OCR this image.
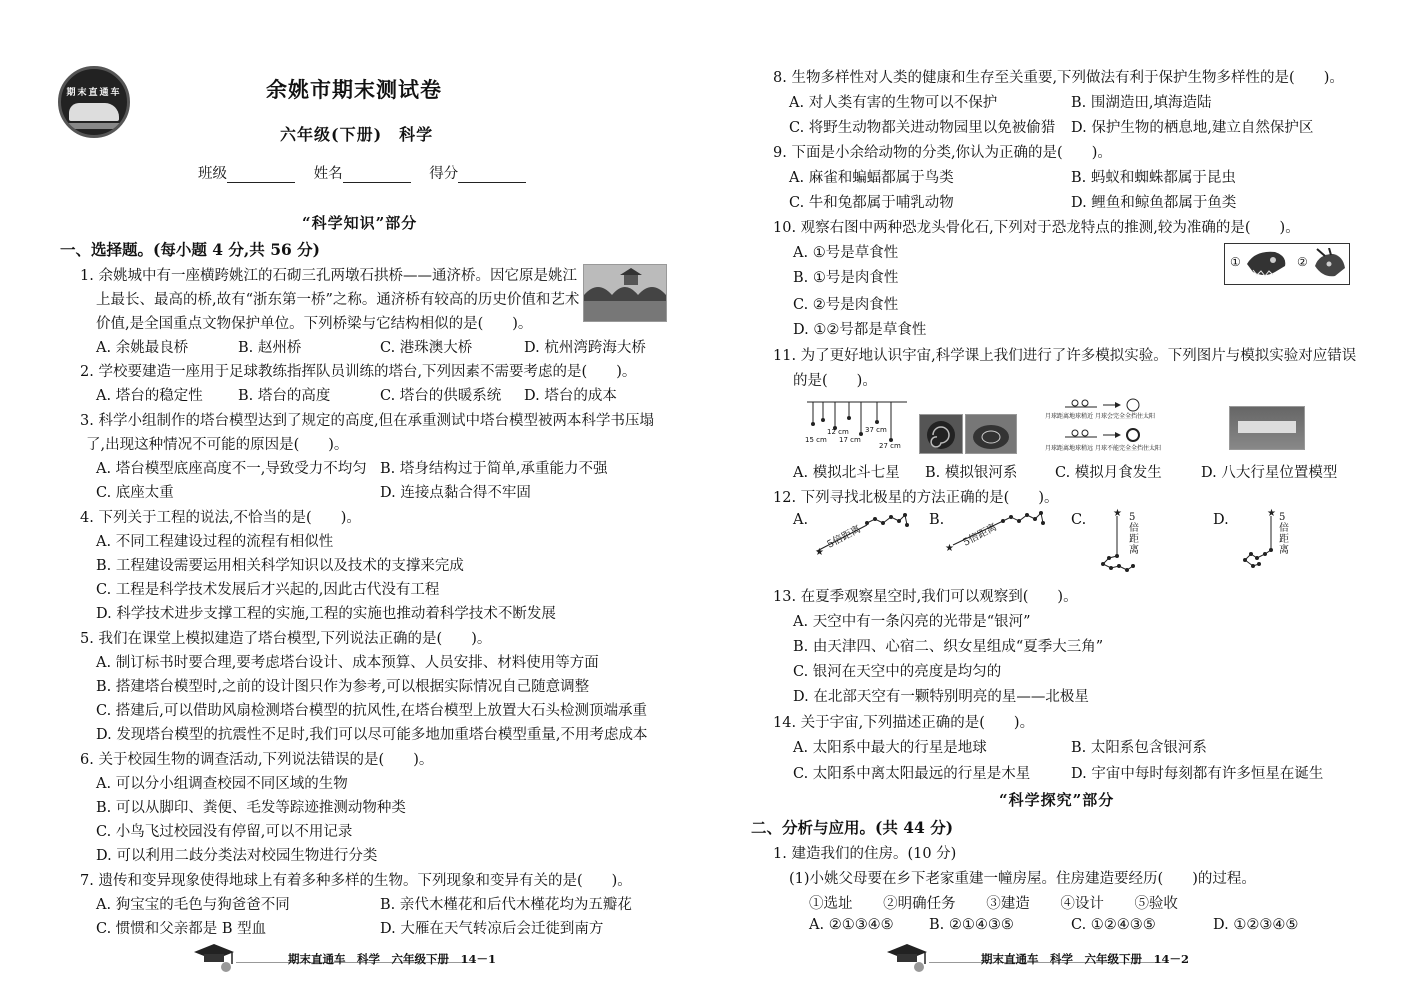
期末直通车	余姚市期末测试卷
六年级(下册)　科学
班级	姓名	得分
“科学知识”部分
一、选择题。(每小题 4 分,共 56 分)
1. 余姚城中有一座横跨姚江的石砌三孔两墩石拱桥——通济桥。因它原是姚江
上最长、最高的桥,故有“浙东第一桥”之称。通济桥有较高的历史价值和艺术
价值,是全国重点文物保护单位。下列桥梁与它结构相似的是(　　)。
A. 余姚最良桥	B. 赵州桥	C. 港珠澳大桥	D. 杭州湾跨海大桥
2. 学校要建造一座用于足球教练指挥队员训练的塔台,下列因素不需要考虑的是(　　)。
A. 塔台的稳定性 B. 塔台的高度	C. 塔台的供暖系统 D. 塔台的成本
3. 科学小组制作的塔台模型达到了规定的高度,但在承重测试中塔台模型被两本科学书压塌
了,出现这种情况不可能的原因是(　　)。
A. 塔台模型底座高度不一,导致受力不均匀 B. 塔身结构过于简单,承重能力不强
C. 底座太重	D. 连接点黏合得不牢固
4. 下列关于工程的说法,不恰当的是(　　)。
A. 不同工程建设过程的流程有相似性
B. 工程建设需要运用相关科学知识以及技术的支撑来完成
C. 工程是科学技术发展后才兴起的,因此古代没有工程
D. 科学技术进步支撑工程的实施,工程的实施也推动着科学技术不断发展
5. 我们在课堂上模拟建造了塔台模型,下列说法正确的是(　　)。
A. 制订标书时要合理,要考虑塔台设计、成本预算、人员安排、材料使用等方面
B. 搭建塔台模型时,之前的设计图只作为参考,可以根据实际情况自己随意调整
C. 搭建后,可以借助风扇检测塔台模型的抗风性,在塔台模型上放置大石头检测顶端承重
D. 发现塔台模型的抗震性不足时,我们可以尽可能多地加重塔台模型重量,不用考虑成本
6. 关于校园生物的调查活动,下列说法错误的是(　　)。
A. 可以分小组调查校园不同区域的生物
B. 可以从脚印、粪便、毛发等踪迹推测动物种类
C. 小鸟飞过校园没有停留,可以不用记录
D. 可以利用二歧分类法对校园生物进行分类
7. 遗传和变异现象使得地球上有着多种多样的生物。下列现象和变异有关的是(　　)。
A. 狗宝宝的毛色与狗爸爸不同	B. 亲代木槿花和后代木槿花均为五瓣花
C. 惯惯和父亲都是 B 型血	D. 大雁在天气转凉后会迁徙到南方
期末直通车　科学　六年级下册　14－1
8. 生物多样性对人类的健康和生存至关重要,下列做法有利于保护生物多样性的是(　　)。
A. 对人类有害的生物可以不保护	B. 围湖造田,填海造陆
C. 将野生动物都关进动物园里以免被偷猎 D. 保护生物的栖息地,建立自然保护区
9. 下面是小余给动物的分类,你认为正确的是(　　)。
A. 麻雀和蝙蝠都属于鸟类	B. 蚂蚁和蜘蛛都属于昆虫
C. 牛和兔都属于哺乳动物	D. 鲤鱼和鲸鱼都属于鱼类
10. 观察右图中两种恐龙头骨化石,下列对于恐龙特点的推测,较为准确的是(　　)。
A. ①号是草食性
B. ①号是肉食性
C. ②号是肉食性
D. ①②号都是草食性
①	②
11. 为了更好地认识宇宙,科学课上我们进行了许多模拟实验。下列图片与模拟实验对应错误
的是(　　)。
15 cm
12 cm
17 cm
37 cm
27 cm
月球距离地球稍近 月球会完全全挡住太阳
月球距离地球稍远 月球不能完全全挡住太阳
A. 模拟北斗七星 B. 模拟银河系	C. 模拟月食发生	D. 八大行星位置模型
12. 下列寻找北极星的方法正确的是(　　)。
A.
★
5倍距离
B.
★ 5倍距离
C.	★ 5倍距离
D.	★ 5倍距离
13. 在夏季观察星空时,我们可以观察到(　　)。
A. 天空中有一条闪亮的光带是“银河”
B. 由天津四、心宿二、织女星组成“夏季大三角”
C. 银河在天空中的亮度是均匀的
D. 在北部天空有一颗特别明亮的星——北极星
14. 关于宇宙,下列描述正确的是(　　)。
A. 太阳系中最大的行星是地球	B. 太阳系包含银河系
C. 太阳系中离太阳最远的行星是木星	D. 宇宙中每时每刻都有许多恒星在诞生
“科学探究”部分
二、分析与应用。(共 44 分)
1. 建造我们的住房。(10 分)
(1)小姚父母要在乡下老家重建一幢房屋。住房建造要经历(　　)的过程。
①选址 ②明确任务 ③建造 ④设计 ⑤验收
A. ②①③④⑤ B. ②①④③⑤	C. ①②④③⑤	D. ①②③④⑤
期末直通车　科学　六年级下册　14－2
